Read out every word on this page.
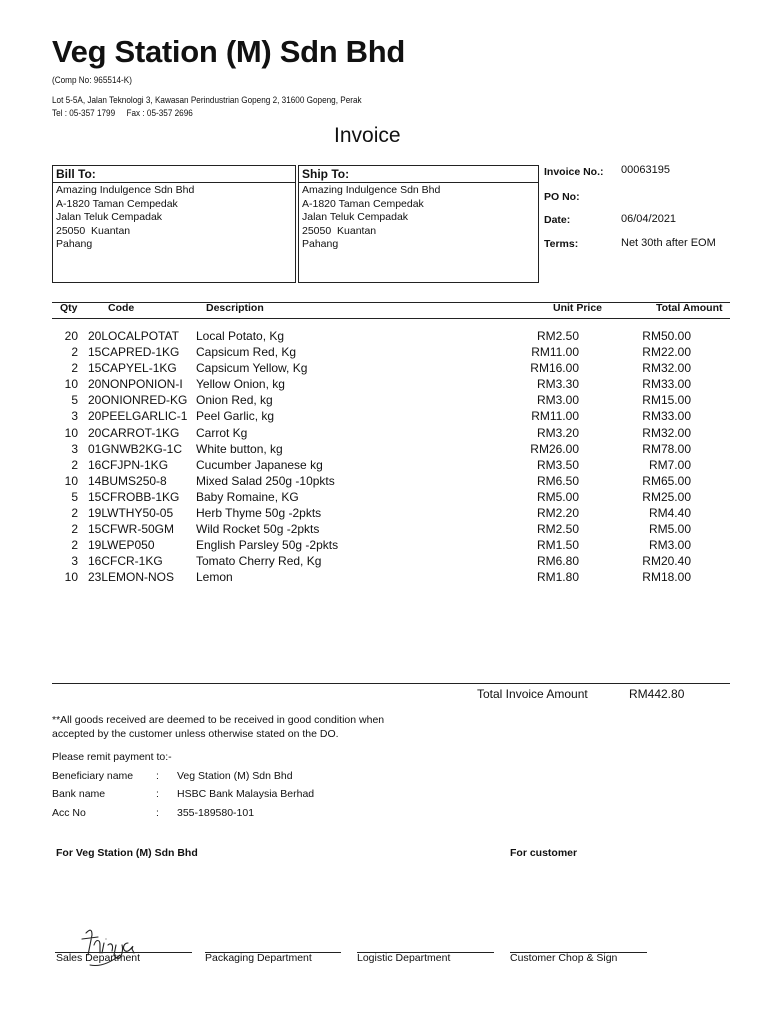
Veg Station (M) Sdn Bhd
(Comp No: 965514-K)
Lot 5-5A, Jalan Teknologi 3, Kawasan Perindustrian Gopeng 2, 31600 Gopeng, Perak
Tel : 05-357 1799 Fax : 05-357 2696
Invoice
Bill To:
Amazing Indulgence Sdn Bhd
A-1820 Taman Cempedak
Jalan Teluk Cempadak
25050  Kuantan
Pahang
Ship To:
Amazing Indulgence Sdn Bhd
A-1820 Taman Cempedak
Jalan Teluk Cempadak
25050  Kuantan
Pahang
Invoice No.: 00063195
PO No:
Date:	06/04/2021
Terms:	Net 30th after EOM
Qty	Code	Description	Unit Price	Total Amount
20 20LOCALPOTAT	Local Potato, Kg	RM2.50	RM50.00
2 15CAPRED-1KG	Capsicum Red, Kg	RM11.00	RM22.00
2 15CAPYEL-1KG	Capsicum Yellow, Kg	RM16.00	RM32.00
10 20NONPONION-I	Yellow Onion, kg	RM3.30	RM33.00
5 20ONIONRED-KG Onion Red, kg	RM3.00	RM15.00
3 20PEELGARLIC-1 Peel Garlic, kg	RM11.00	RM33.00
10 20CARROT-1KG	Carrot Kg	RM3.20	RM32.00
3 01GNWB2KG-1C	White button, kg	RM26.00	RM78.00
2 16CFJPN-1KG	Cucumber Japanese kg	RM3.50	RM7.00
10 14BUMS250-8	Mixed Salad 250g -10pkts	RM6.50	RM65.00
5 15CFROBB-1KG	Baby Romaine, KG	RM5.00	RM25.00
2 19LWTHY50-05	Herb Thyme 50g -2pkts	RM2.20	RM4.40
2 15CFWR-50GM	Wild Rocket 50g -2pkts	RM2.50	RM5.00
2 19LWEP050	English Parsley 50g -2pkts	RM1.50	RM3.00
3 16CFCR-1KG	Tomato Cherry Red, Kg	RM6.80	RM20.40
10 23LEMON-NOS	Lemon	RM1.80	RM18.00
Total Invoice Amount	RM442.80
**All goods received are deemed to be received in good condition when
accepted by the customer unless otherwise stated on the DO.
Please remit payment to:-
Beneficiary name : Veg Station (M) Sdn Bhd
Bank name	: HSBC Bank Malaysia Berhad
Acc No	: 355-189580-101
For Veg Station (M) Sdn Bhd	For customer
thirya
Sales Department	Packaging Department	Logistic Department	Customer Chop & Sign
